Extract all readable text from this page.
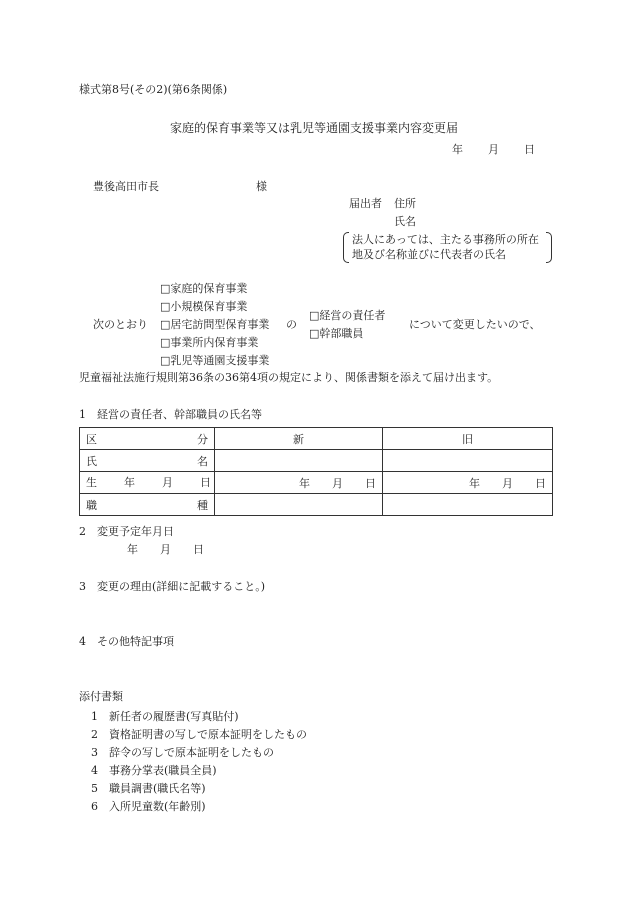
様式第8号(その2)(第6条関係)
家庭的保育事業等又は乳児等通園支援事業内容変更届
年 月 日
豊後高田市長	様
届出者 住所
氏名
法人にあっては、主たる事務所の所在
地及び名称並びに代表者の氏名
□家庭的保育事業
□小規模保育事業
次のとおり □居宅訪問型保育事業 の
□経営の責任者
□幹部職員
について変更したいので、
□事業所内保育事業
□乳児等通園支援事業
児童福祉法施行規則第36条の36第4項の規定により、関係書類を添えて届け出ます。
1　経営の責任者、幹部職員の氏名等
区 分	新	旧

氏 名		

生 年 月 日	年　　月　　日	年　　月　　日

職 種		

2　変更予定年月日
年　　月　　日
3　変更の理由(詳細に記載すること。)
4　その他特記事項
添付書類
1　新任者の履歴書(写真貼付)
2　資格証明書の写しで原本証明をしたもの
3　辞令の写しで原本証明をしたもの
4　事務分掌表(職員全員)
5　職員調書(職氏名等)
6　入所児童数(年齢別)
